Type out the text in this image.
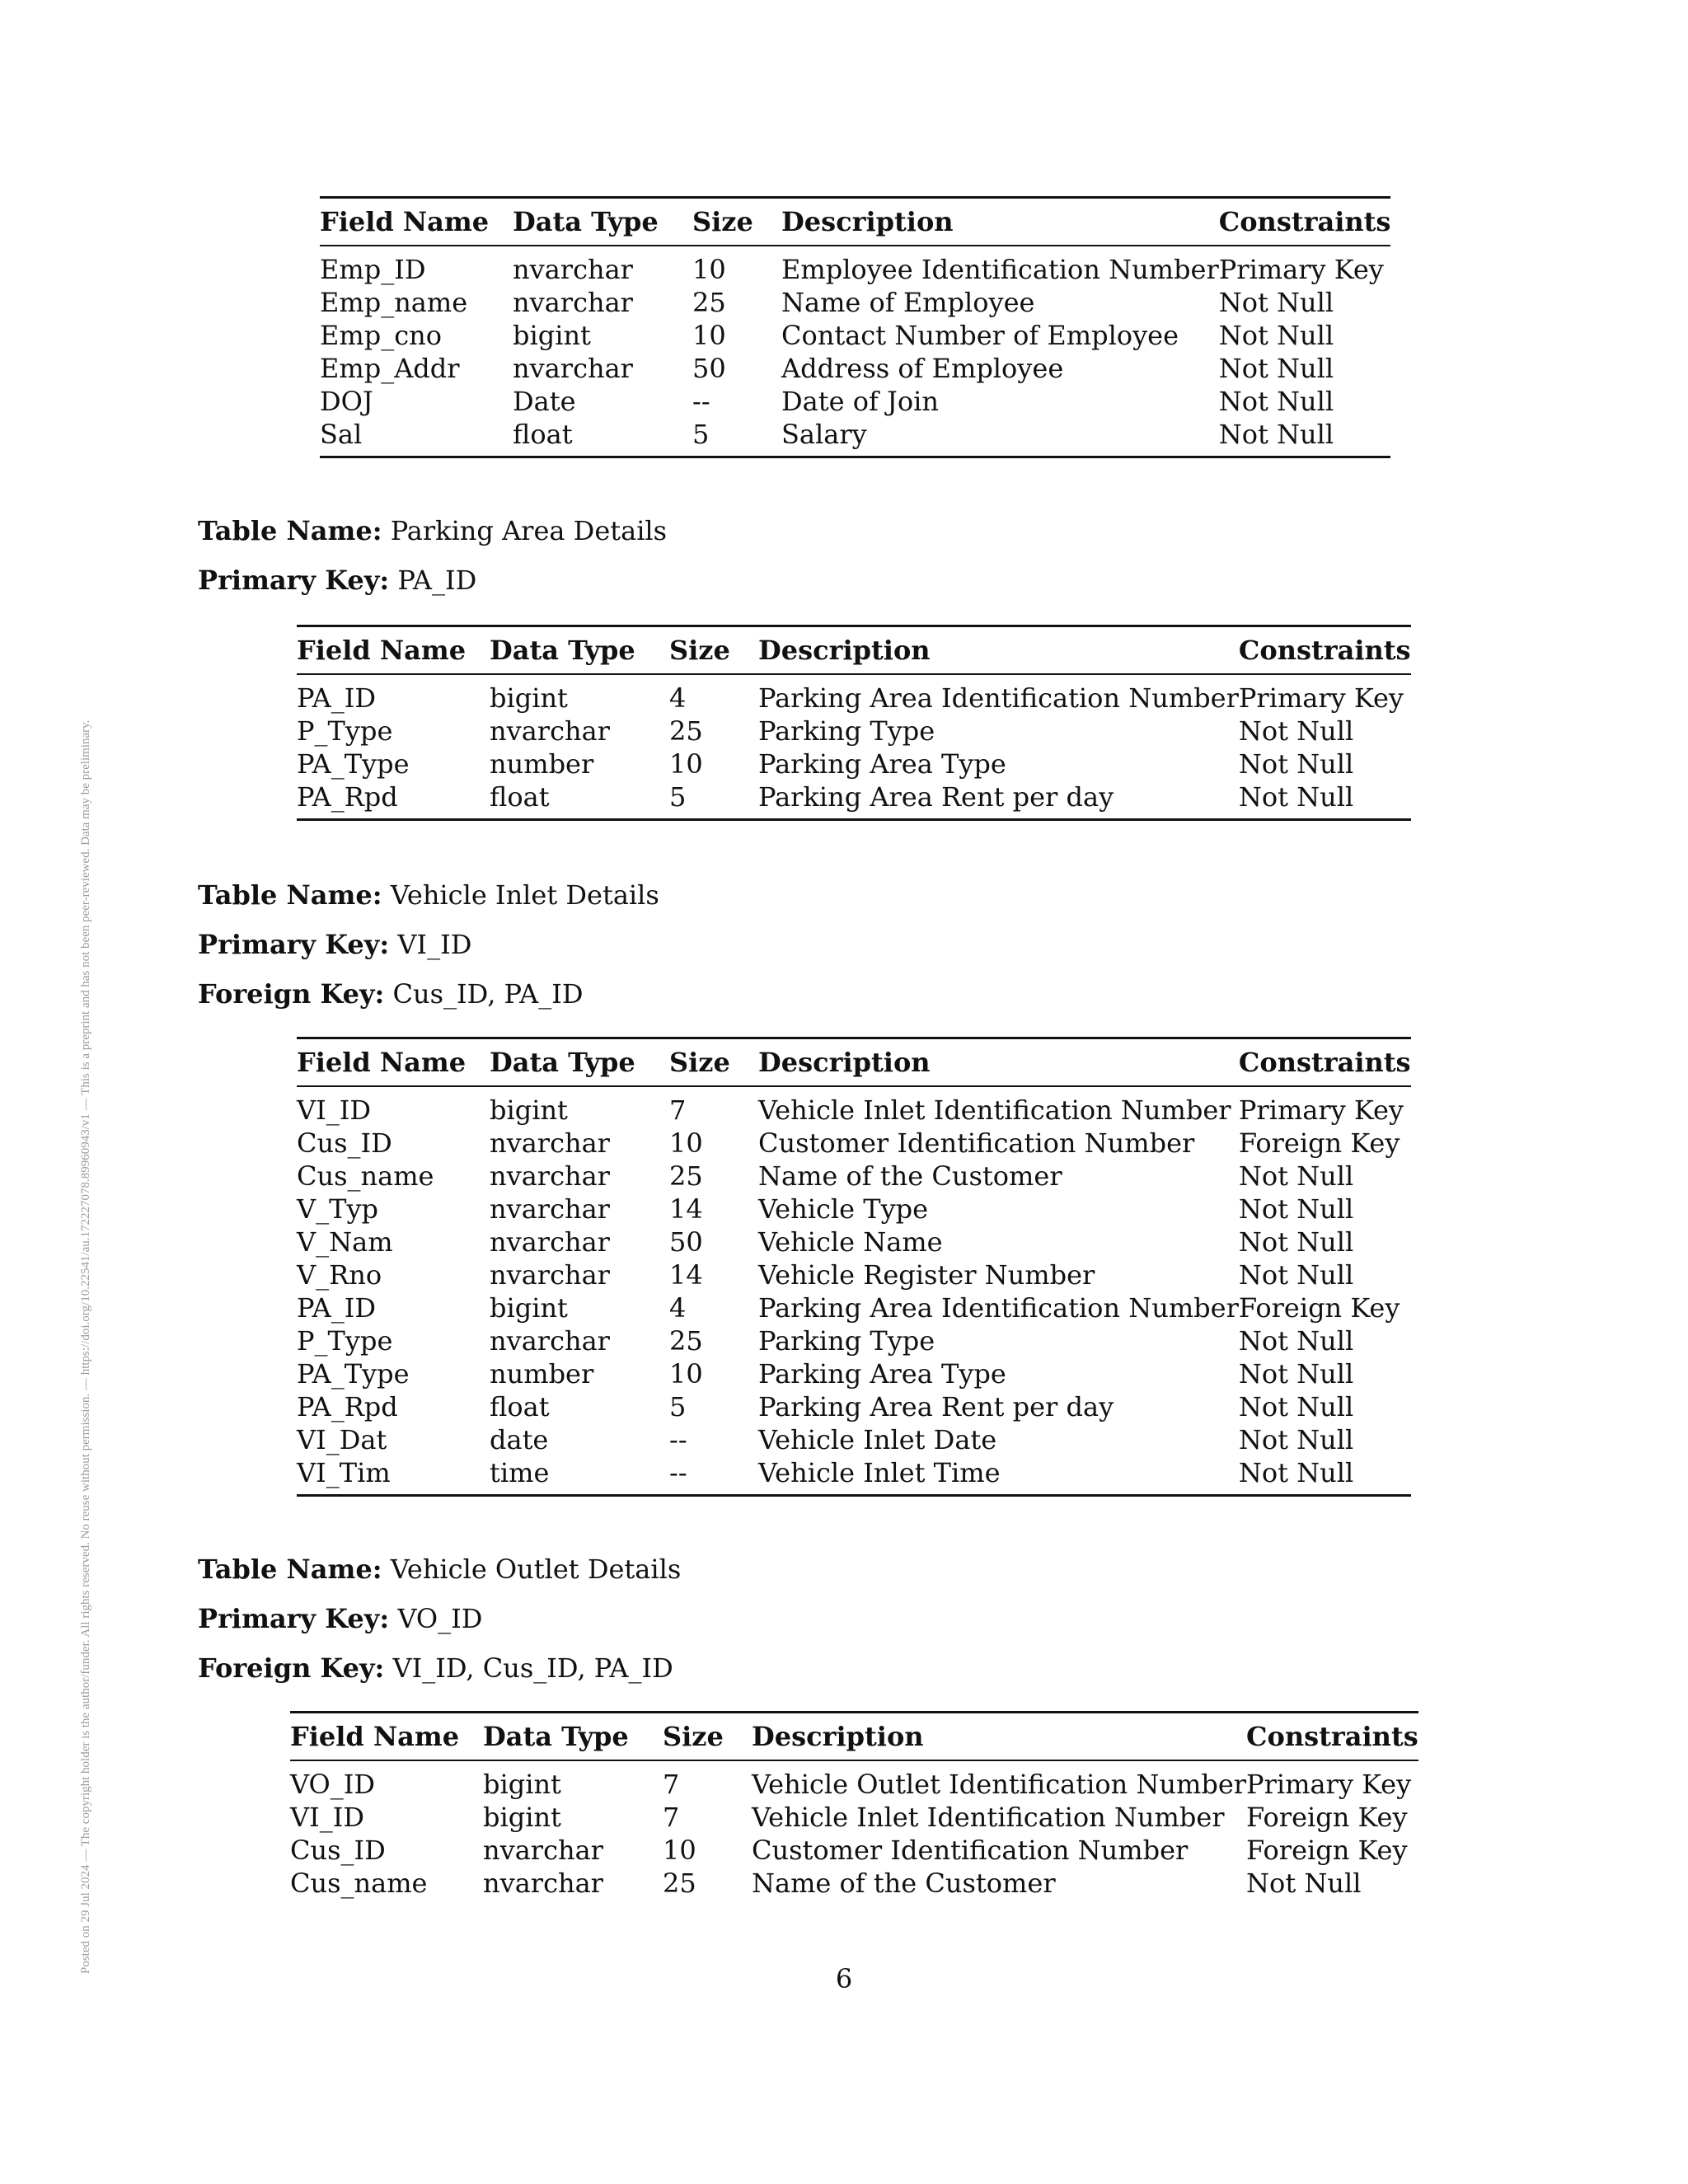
Posted on 29 Jul 2024 — The copyright holder is the author/funder. All rights reserved. No reuse without permission. — https://doi.org/10.22541/au.172227078.89960943/v1 — This is a preprint and has not been peer-reviewed. Data may be preliminary.
Field Name	Data Type	Size	Description	Constraints
Emp_ID	nvarchar	10	Employee Identification Number	Primary Key
Emp_name	nvarchar	25	Name of Employee	Not Null
Emp_cno	bigint	10	Contact Number of Employee	Not Null
Emp_Addr	nvarchar	50	Address of Employee	Not Null
DOJ	Date	--	Date of Join	Not Null
Sal	float	5	Salary	Not Null
Table Name: Parking Area Details
Primary Key: PA_ID
Field Name	Data Type	Size	Description	Constraints
PA_ID	bigint	4	Parking Area Identification Number	Primary Key
P_Type	nvarchar	25	Parking Type	Not Null
PA_Type	number	10	Parking Area Type	Not Null
PA_Rpd	float	5	Parking Area Rent per day	Not Null
Table Name: Vehicle Inlet Details
Primary Key: VI_ID
Foreign Key: Cus_ID, PA_ID
Field Name	Data Type	Size	Description	Constraints
VI_ID	bigint	7	Vehicle Inlet Identification Number	Primary Key
Cus_ID	nvarchar	10	Customer Identification Number	Foreign Key
Cus_name	nvarchar	25	Name of the Customer	Not Null
V_Typ	nvarchar	14	Vehicle Type	Not Null
V_Nam	nvarchar	50	Vehicle Name	Not Null
V_Rno	nvarchar	14	Vehicle Register Number	Not Null
PA_ID	bigint	4	Parking Area Identification Number	Foreign Key
P_Type	nvarchar	25	Parking Type	Not Null
PA_Type	number	10	Parking Area Type	Not Null
PA_Rpd	float	5	Parking Area Rent per day	Not Null
VI_Dat	date	--	Vehicle Inlet Date	Not Null
VI_Tim	time	--	Vehicle Inlet Time	Not Null
Table Name: Vehicle Outlet Details
Primary Key: VO_ID
Foreign Key: VI_ID, Cus_ID, PA_ID
Field Name	Data Type	Size	Description	Constraints
VO_ID	bigint	7	Vehicle Outlet Identification Number	Primary Key
VI_ID	bigint	7	Vehicle Inlet Identification Number	Foreign Key
Cus_ID	nvarchar	10	Customer Identification Number	Foreign Key
Cus_name	nvarchar	25	Name of the Customer	Not Null
6
